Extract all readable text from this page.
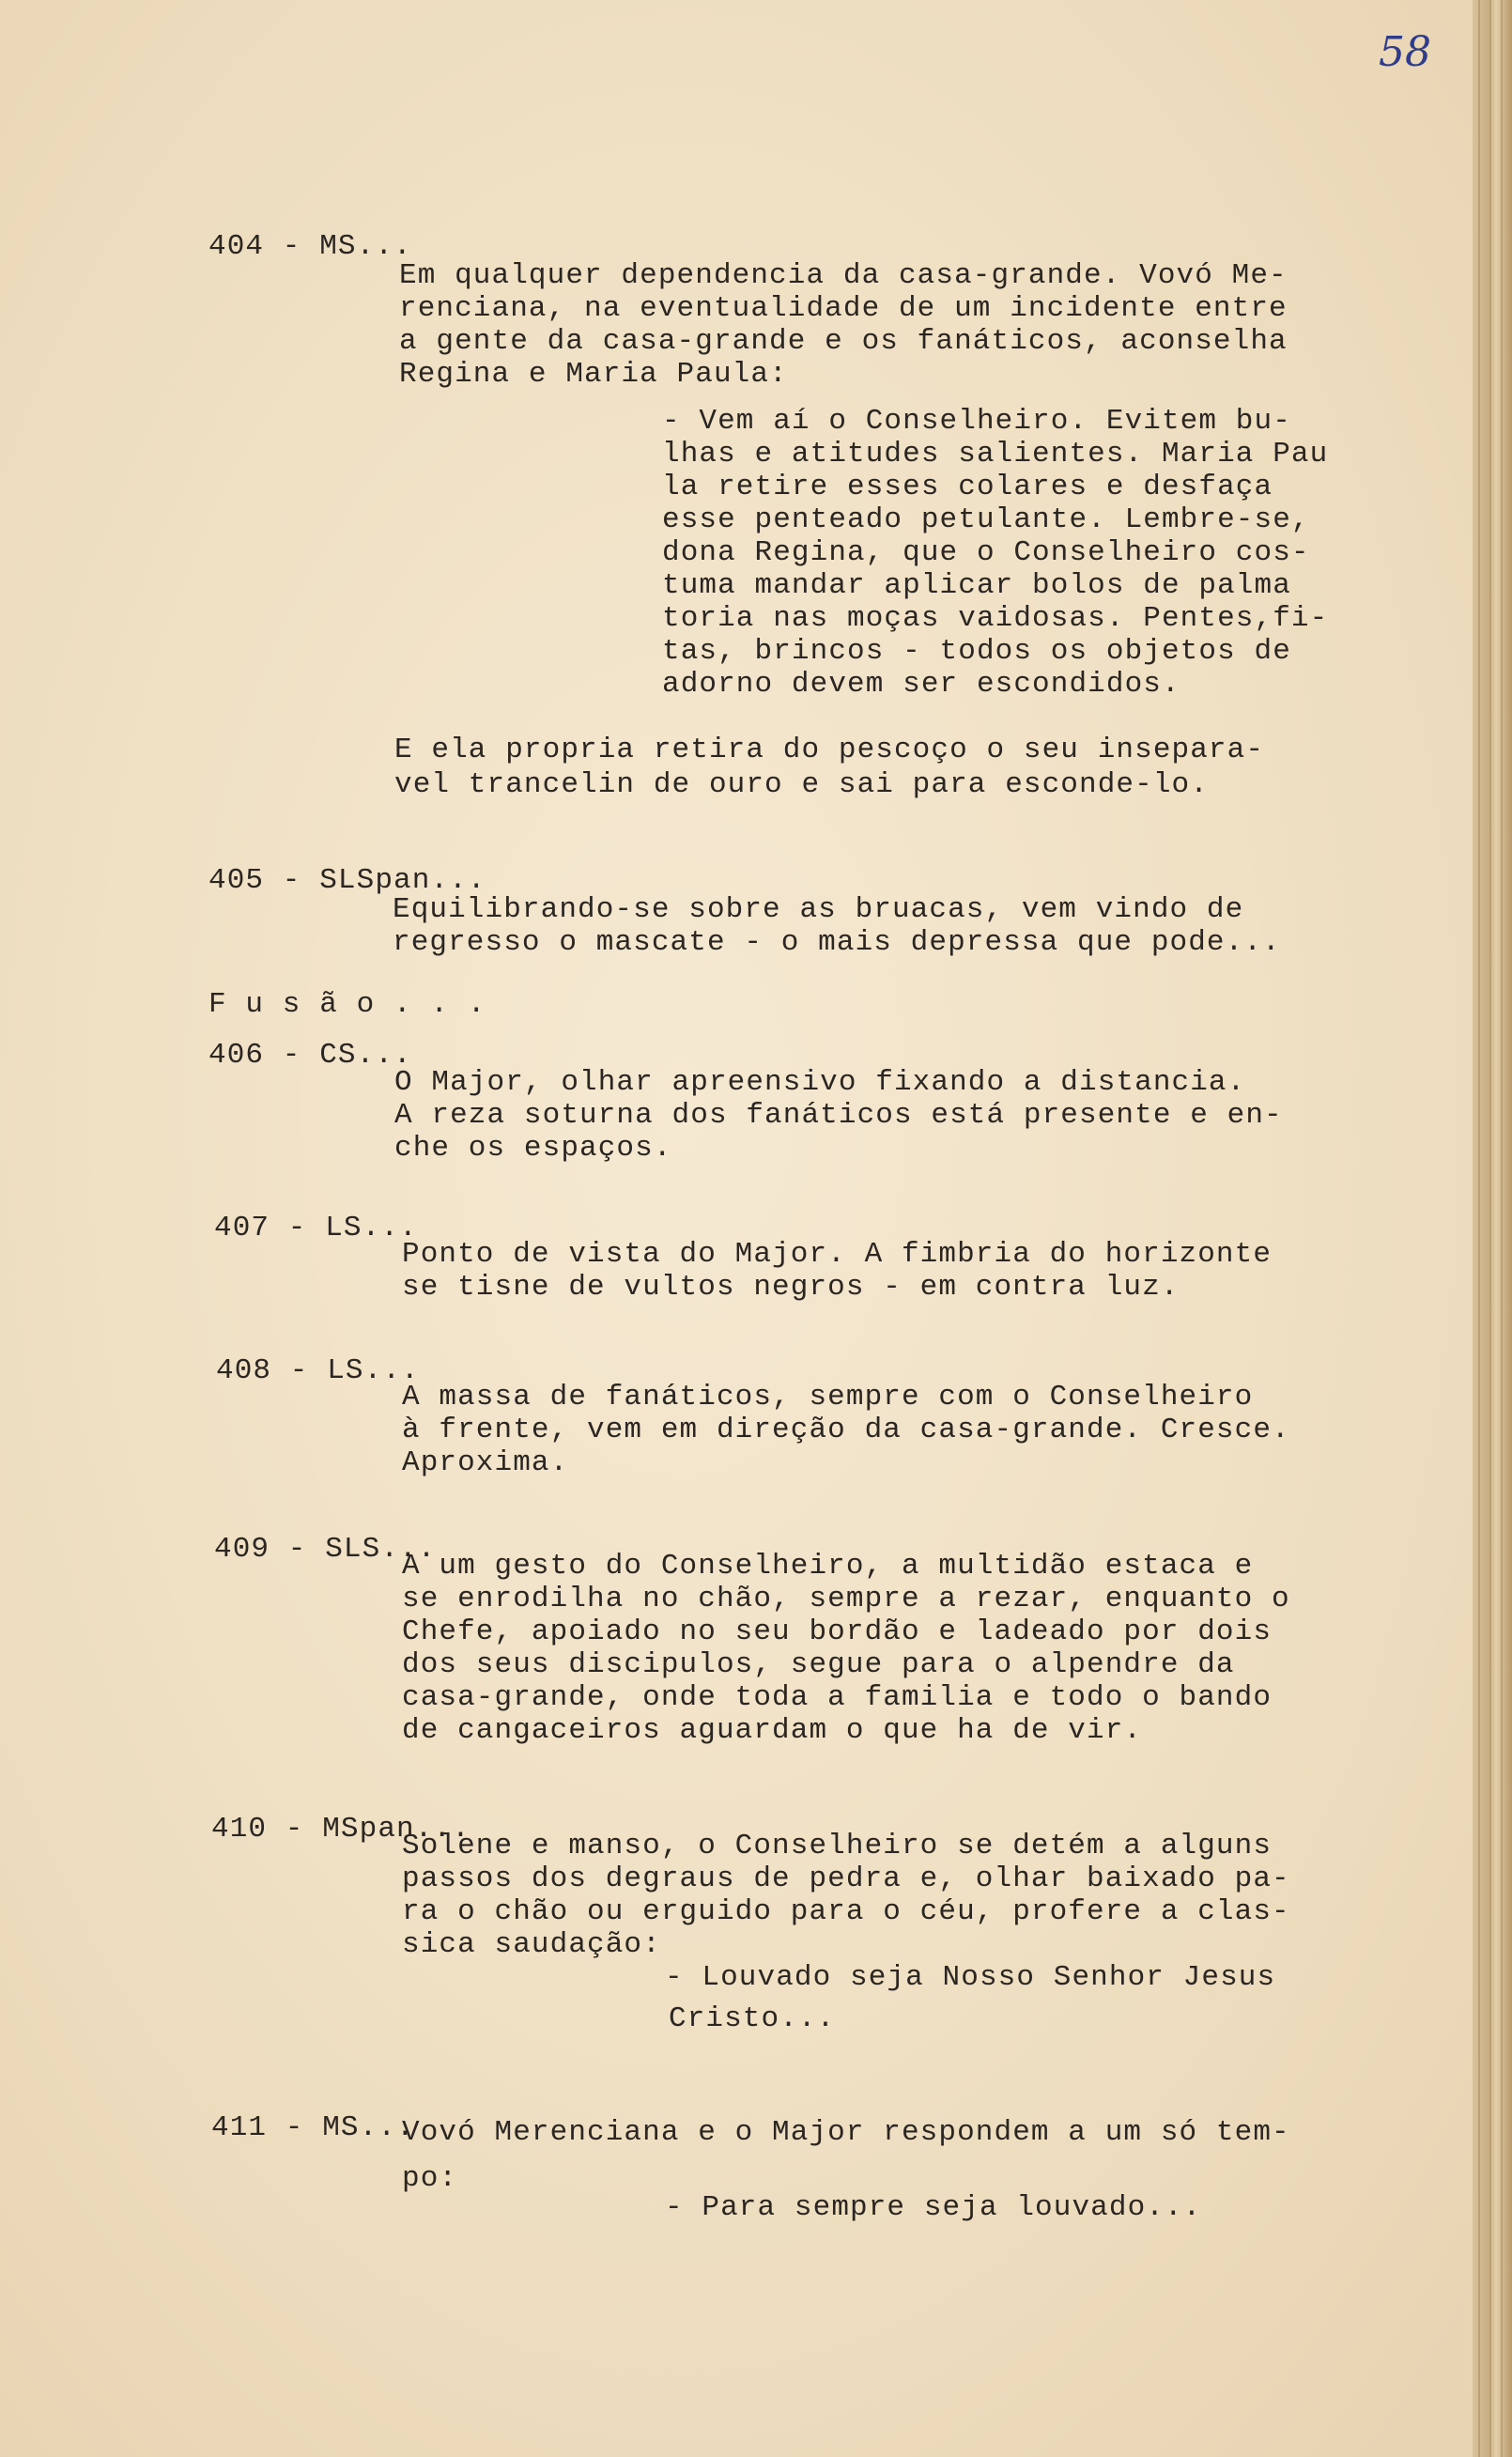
58
404 - MS...
Em qualquer dependencia da casa-grande. Vovó Me-
renciana, na eventualidade de um incidente entre
a gente da casa-grande e os fanáticos, aconselha
Regina e Maria Paula:
- Vem aí o Conselheiro. Evitem bu-
lhas e atitudes salientes. Maria Pau
la retire esses colares e desfaça
esse penteado petulante. Lembre-se,
dona Regina, que o Conselheiro cos-
tuma mandar aplicar bolos de palma
toria nas moças vaidosas. Pentes,fi-
tas, brincos - todos os objetos de
adorno devem ser escondidos.
E ela propria retira do pescoço o seu insepara-
vel trancelin de ouro e sai para esconde-lo.
405 - SLSpan...
Equilibrando-se sobre as bruacas, vem vindo de
regresso o mascate - o mais depressa que pode...
F u s ã o . . .
406 - CS...
O Major, olhar apreensivo fixando a distancia.
A reza soturna dos fanáticos está presente e en-
che os espaços.
407 - LS...
Ponto de vista do Major. A fimbria do horizonte
se tisne de vultos negros - em contra luz.
408 - LS...
A massa de fanáticos, sempre com o Conselheiro
à frente, vem em direção da casa-grande. Cresce.
Aproxima.
409 - SLS...
A um gesto do Conselheiro, a multidão estaca e
se enrodilha no chão, sempre a rezar, enquanto o
Chefe, apoiado no seu bordão e ladeado por dois
dos seus discipulos, segue para o alpendre da
casa-grande, onde toda a familia e todo o bando
de cangaceiros aguardam o que ha de vir.
410 - MSpan...
Solene e manso, o Conselheiro se detém a alguns
passos dos degraus de pedra e, olhar baixado pa-
ra o chão ou erguido para o céu, profere a clas-
sica saudação:
- Louvado seja Nosso Senhor Jesus
Cristo...
411 - MS...
Vovó Merenciana e o Major respondem a um só tem-
po:
- Para sempre seja louvado...
